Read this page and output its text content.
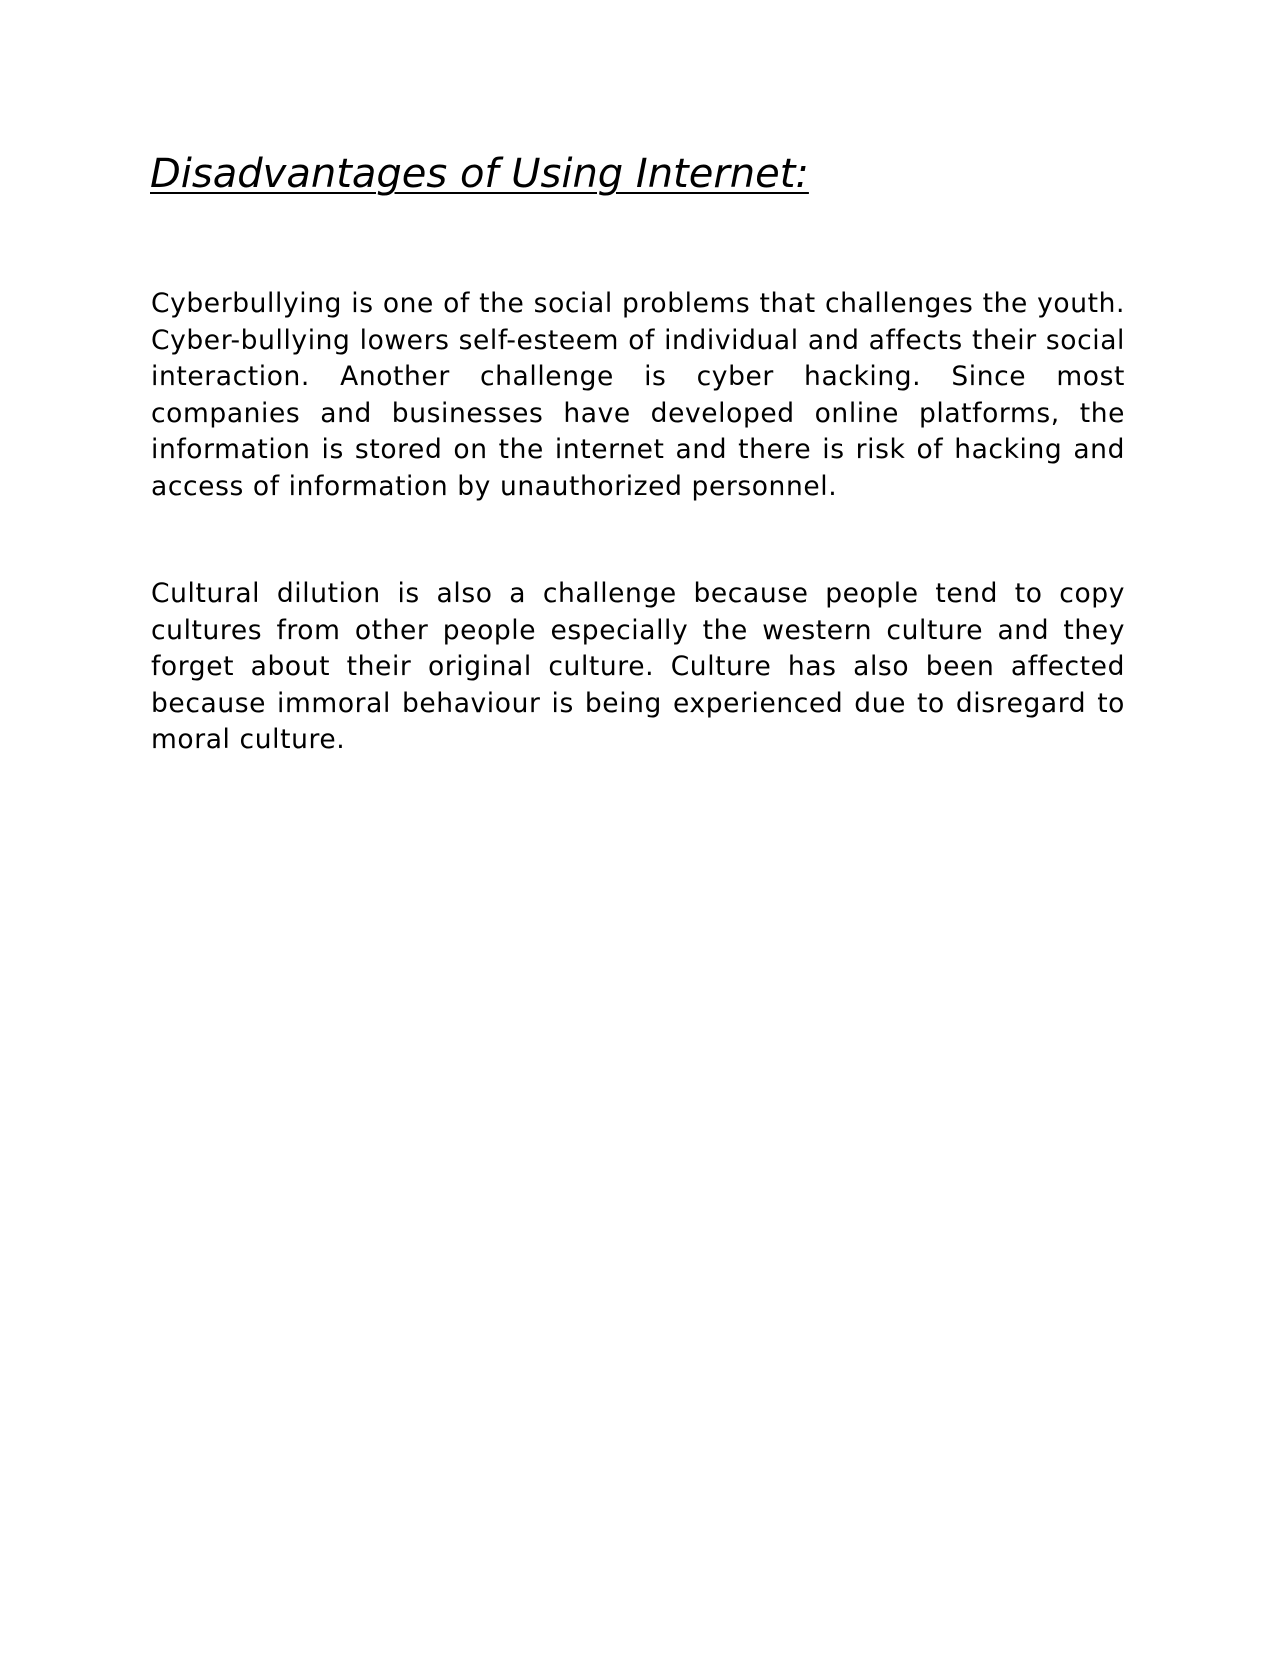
Disadvantages of Using Internet:

Cyberbullying is one of the social problems that challenges the youth. Cyber-bullying lowers self-esteem of individual and affects their social interaction. Another challenge is cyber hacking. Since most companies and businesses have developed online platforms, the information is stored on the internet and there is risk of hacking and access of information by unauthorized personnel.

Cultural dilution is also a challenge because people tend to copy cultures from other people especially the western culture and they forget about their original culture. Culture has also been affected because immoral behaviour is being experienced due to disregard to moral culture.
